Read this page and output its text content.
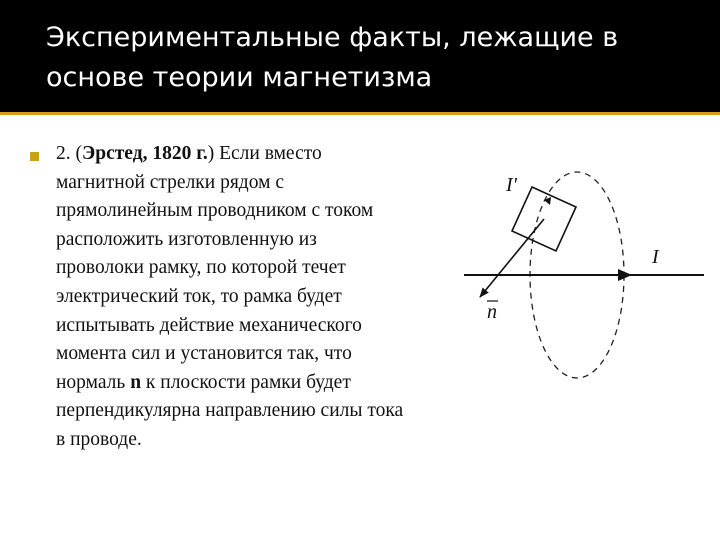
Экспериментальные факты, лежащие в основе теории магнетизма
2. (Эрстед, 1820 г.) Если вместо магнитной стрелки рядом с прямолинейным проводником с током расположить изготовленную из проволоки рамку, по которой течет электрический ток, то рамка будет испытывать действие механического момента сил и установится так, что нормаль n к плоскости рамки будет перпендикулярна направлению силы тока в проводе.
I'
I
n
